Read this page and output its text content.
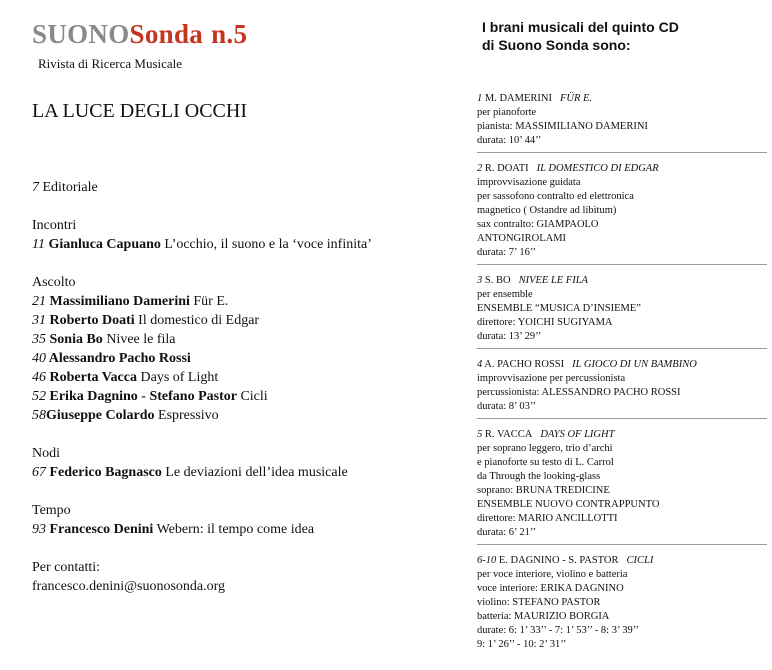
SUONOSonda n.5
Rivista di Ricerca Musicale
LA LUCE DEGLI OCCHI
7 Editoriale
Incontri
11 Gianluca Capuano L’occhio, il suono e la ‘voce infinita’
Ascolto
21 Massimiliano Damerini Für E.
31 Roberto Doati Il domestico di Edgar
35 Sonia Bo Nivee le fila
40 Alessandro Pacho Rossi
46 Roberta Vacca Days of Light
52 Erika Dagnino - Stefano Pastor Cicli
58Giuseppe Colardo Espressivo
Nodi
67 Federico Bagnasco Le deviazioni dell’idea musicale
Tempo
93 Francesco Denini Webern: il tempo come idea
Per contatti:
francesco.denini@suonosonda.org
I brani musicali del quinto CD
di Suono Sonda sono:
1 M. DAMERINI FÜR E.
per pianoforte
pianista: MASSIMILIANO DAMERINI
durata: 10’ 44’’
2 R. DOATI IL DOMESTICO DI EDGAR
improvvisazione guidata
per sassofono contralto ed elettronica
magnetico ( Ostandre ad libitum)
sax contralto: GIAMPAOLO
ANTONGIROLAMI
durata: 7’ 16’’
3 S. BO NIVEE LE FILA
per ensemble
ENSEMBLE “MUSICA D’INSIEME”
direttore: YOICHI SUGIYAMA
durata: 13’ 29’’
4 A. PACHO ROSSI IL GIOCO DI UN BAMBINO
improvvisazione per percussionista
percussionista: ALESSANDRO PACHO ROSSI
durata: 8’ 03’’
5 R. VACCA DAYS OF LIGHT
per soprano leggero, trio d’archi
e pianoforte su testo di L. Carrol
da Through the looking-glass
soprano: BRUNA TREDICINE
ENSEMBLE NUOVO CONTRAPPUNTO
direttore: MARIO ANCILLOTTI
durata: 6’ 21’’
6-10 E. DAGNINO - S. PASTOR CICLI
per voce interiore, violino e batteria
voce interiore: ERIKA DAGNINO
violino: STEFANO PASTOR
batteria: MAURIZIO BORGIA
durate: 6: 1’ 33’’ - 7: 1’ 53’’ - 8: 3’ 39’’
9: 1’ 26’’ - 10: 2’ 31’’
